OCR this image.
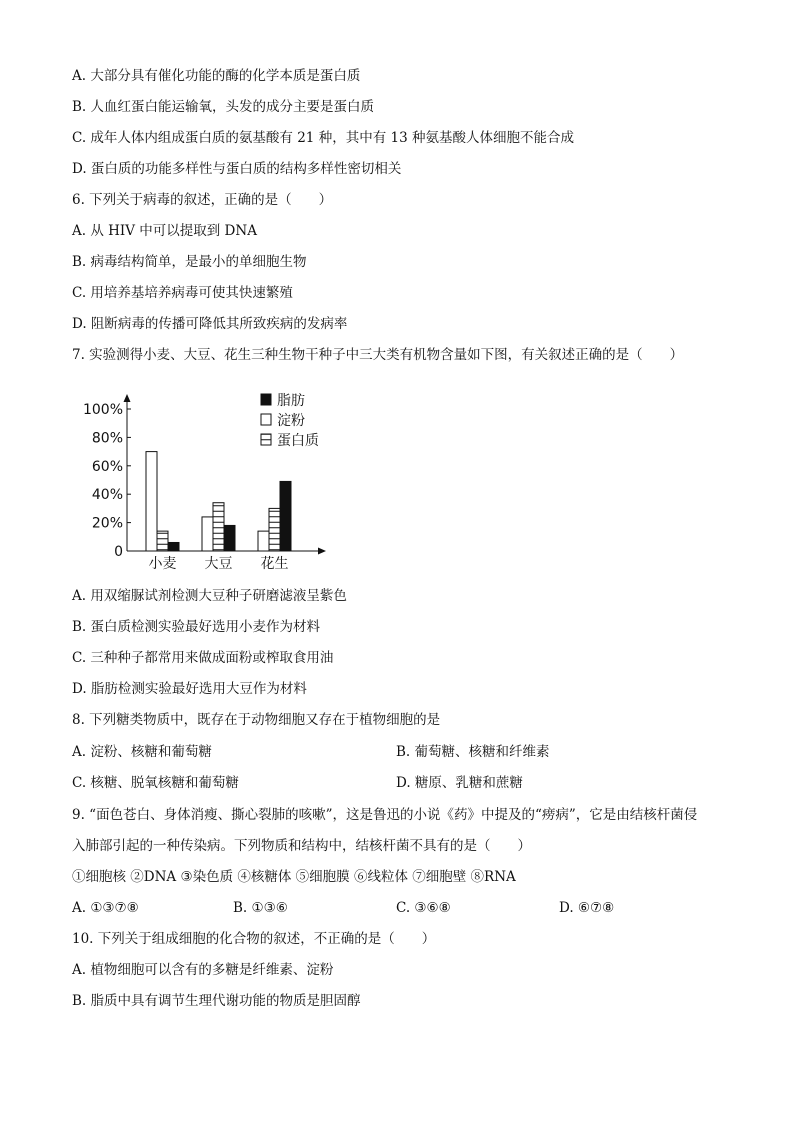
A. 大部分具有催化功能的酶的化学本质是蛋白质
B. 人血红蛋白能运输氧，头发的成分主要是蛋白质
C. 成年人体内组成蛋白质的氨基酸有 21 种，其中有 13 种氨基酸人体细胞不能合成
D. 蛋白质的功能多样性与蛋白质的结构多样性密切相关
6. 下列关于病毒的叙述，正确的是（　　）
A. 从 HIV 中可以提取到 DNA
B. 病毒结构简单，是最小的单细胞生物
C. 用培养基培养病毒可使其快速繁殖
D. 阻断病毒的传播可降低其所致疾病的发病率
7. 实验测得小麦、大豆、花生三种生物干种子中三大类有机物含量如下图，有关叙述正确的是（　　）
0
20%
40%
60%
80%
100%
小麦 大豆 花生
脂肪
淀粉
蛋白质
A. 用双缩脲试剂检测大豆种子研磨滤液呈紫色
B. 蛋白质检测实验最好选用小麦作为材料
C. 三种种子都常用来做成面粉或榨取食用油
D. 脂肪检测实验最好选用大豆作为材料
8. 下列糖类物质中，既存在于动物细胞又存在于植物细胞的是
A. 淀粉、核糖和葡萄糖	B. 葡萄糖、核糖和纤维素
C. 核糖、脱氧核糖和葡萄糖	D. 糖原、乳糖和蔗糖
9. “面色苍白、身体消瘦、撕心裂肺的咳嗽”，这是鲁迅的小说《药》中提及的“痨病”，它是由结核杆菌侵
入肺部引起的一种传染病。下列物质和结构中，结核杆菌不具有的是（　　）
①细胞核 ②DNA ③染色质 ④核糖体 ⑤细胞膜 ⑥线粒体 ⑦细胞壁 ⑧RNA
A. ①③⑦⑧	B. ①③⑥	C. ③⑥⑧	D. ⑥⑦⑧
10. 下列关于组成细胞的化合物的叙述，不正确的是（　　）
A. 植物细胞可以含有的多糖是纤维素、淀粉
B. 脂质中具有调节生理代谢功能的物质是胆固醇
